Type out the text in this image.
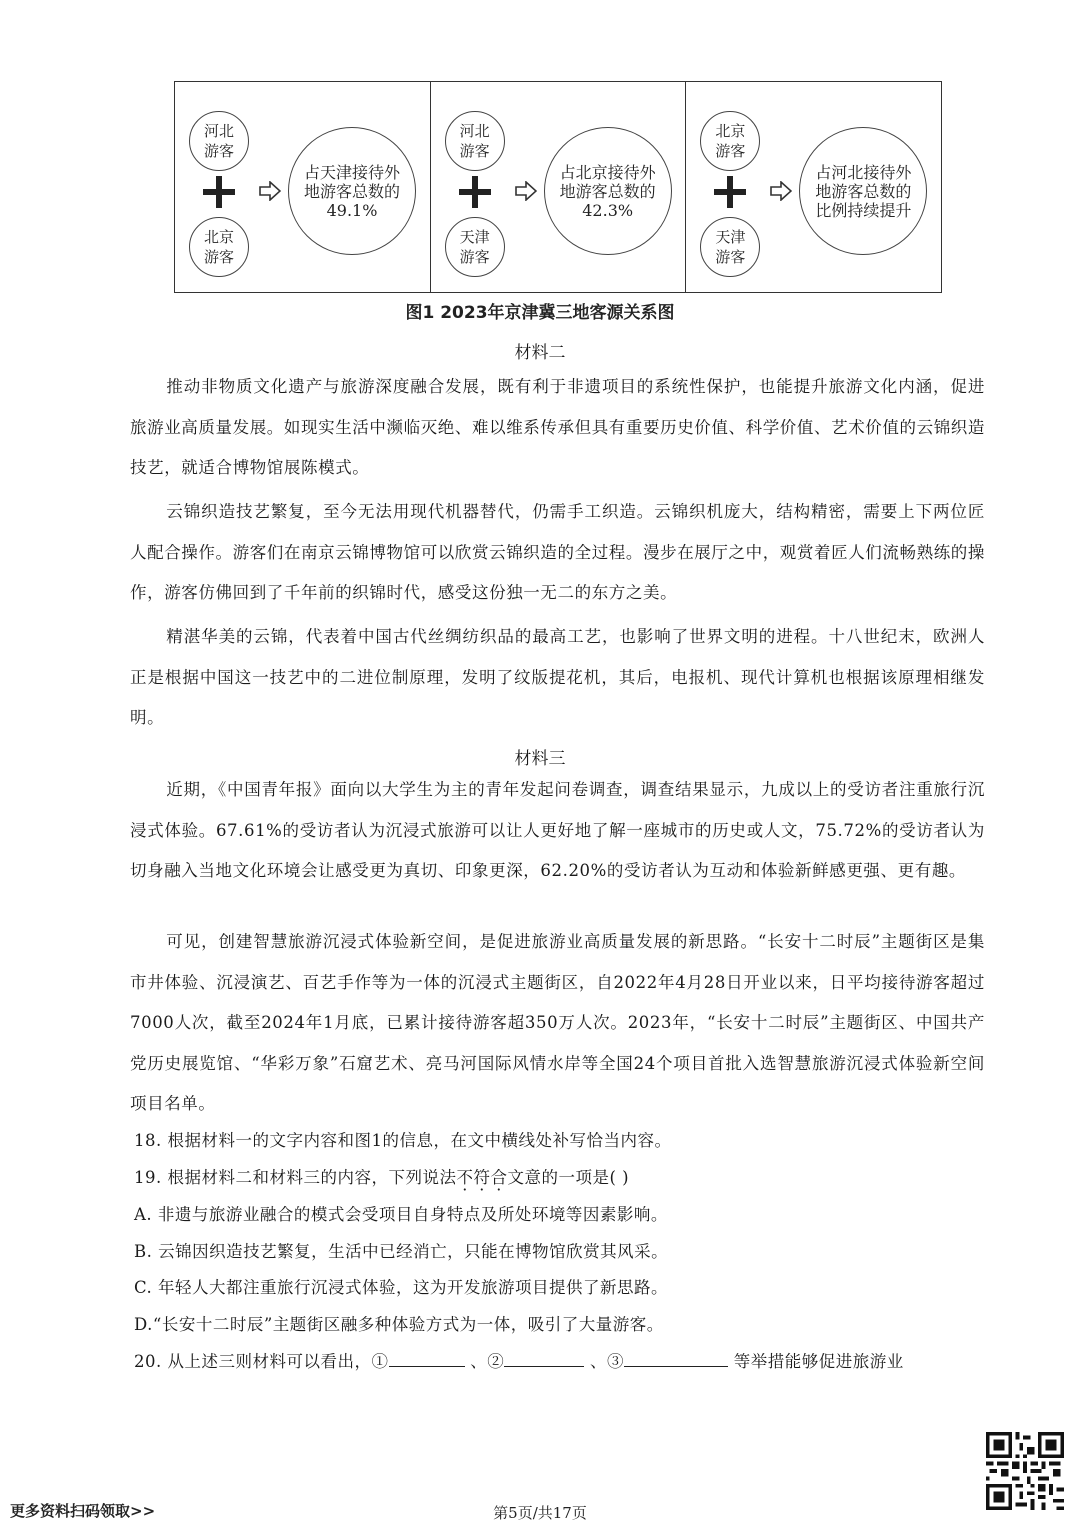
河北
游客
北京
游客
占天津接待外
地游客总数的
49.1%
河北
游客
天津
游客
占北京接待外
地游客总数的
42.3%
北京
游客
天津
游客
占河北接待外
地游客总数的
比例持续提升
图1 2023年京津冀三地客源关系图
材料二
推动非物质文化遗产与旅游深度融合发展，既有利于非遗项目的系统性保护，也能提升旅游文化内涵，促进旅游业高质量发展。如现实生活中濒临灭绝、难以维系传承但具有重要历史价值、科学价值、艺术价值的云锦织造技艺，就适合博物馆展陈模式。
云锦织造技艺繁复，至今无法用现代机器替代，仍需手工织造。云锦织机庞大，结构精密，需要上下两位匠人配合操作。游客们在南京云锦博物馆可以欣赏云锦织造的全过程。漫步在展厅之中，观赏着匠人们流畅熟练的操作，游客仿佛回到了千年前的织锦时代，感受这份独一无二的东方之美。
精湛华美的云锦，代表着中国古代丝绸纺织品的最高工艺，也影响了世界文明的进程。十八世纪末，欧洲人正是根据中国这一技艺中的二进位制原理，发明了纹版提花机，其后，电报机、现代计算机也根据该原理相继发明。
材料三
近期，《中国青年报》面向以大学生为主的青年发起问卷调查，调查结果显示，九成以上的受访者注重旅行沉浸式体验。67.61%的受访者认为沉浸式旅游可以让人更好地了解一座城市的历史或人文，75.72%的受访者认为切身融入当地文化环境会让感受更为真切、印象更深，62.20%的受访者认为互动和体验新鲜感更强、更有趣。
可见，创建智慧旅游沉浸式体验新空间，是促进旅游业高质量发展的新思路。“长安十二时辰”主题街区是集市井体验、沉浸演艺、百艺手作等为一体的沉浸式主题街区，自2022年4月28日开业以来，日平均接待游客超过7000人次，截至2024年1月底，已累计接待游客超350万人次。2023年，“长安十二时辰”主题街区、中国共产党历史展览馆、“华彩万象”石窟艺术、亮马河国际风情水岸等全国24个项目首批入选智慧旅游沉浸式体验新空间项目名单。
18. 根据材料一的文字内容和图1的信息，在文中横线处补写恰当内容。
19. 根据材料二和材料三的内容，下列说法不符合文意的一项是( )
A. 非遗与旅游业融合的模式会受项目自身特点及所处环境等因素影响。
B. 云锦因织造技艺繁复，生活中已经消亡，只能在博物馆欣赏其风采。
C. 年轻人大都注重旅行沉浸式体验，这为开发旅游项目提供了新思路。
D.“长安十二时辰”主题街区融多种体验方式为一体，吸引了大量游客。
20. 从上述三则材料可以看出，①	、②	、③	等举措能够促进旅游业
更多资料扫码领取>>	第5页/共17页
